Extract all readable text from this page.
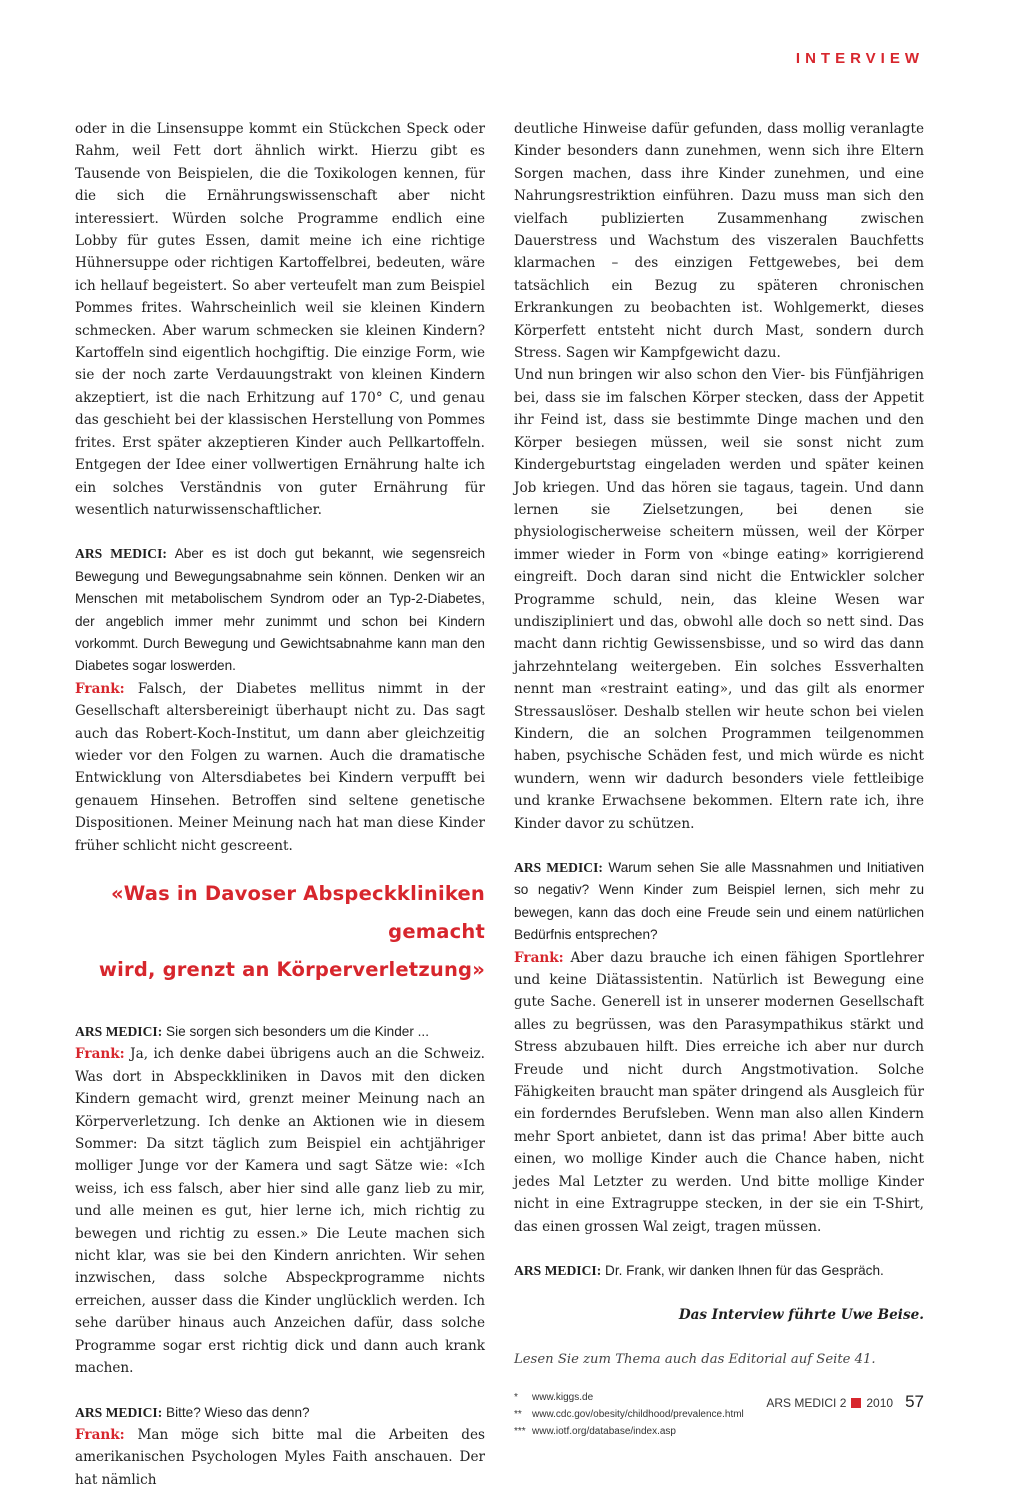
INTERVIEW

oder in die Linsensuppe kommt ein Stückchen Speck oder Rahm, weil Fett dort ähnlich wirkt. Hierzu gibt es Tausende von Beispielen, die die Toxikologen kennen, für die sich die Ernährungswissenschaft aber nicht interessiert. Würden solche Programme endlich eine Lobby für gutes Essen, damit meine ich eine richtige Hühnersuppe oder richtigen Kartoffelbrei, bedeuten, wäre ich hellauf begeistert. So aber verteufelt man zum Beispiel Pommes frites. Wahrscheinlich weil sie kleinen Kindern schmecken. Aber warum schmecken sie kleinen Kindern? Kartoffeln sind eigentlich hochgiftig. Die einzige Form, wie sie der noch zarte Verdauungstrakt von kleinen Kindern akzeptiert, ist die nach Erhitzung auf 170° C, und genau das geschieht bei der klassischen Herstellung von Pommes frites. Erst später akzeptieren Kinder auch Pellkartoffeln. Entgegen der Idee einer vollwertigen Ernährung halte ich ein solches Verständnis von guter Ernährung für wesentlich naturwissenschaftlicher.

ARS MEDICI: Aber es ist doch gut bekannt, wie segensreich Bewegung und Bewegungsabnahme sein können. Denken wir an Menschen mit metabolischem Syndrom oder an Typ-2-Diabetes, der angeblich immer mehr zunimmt und schon bei Kindern vorkommt. Durch Bewegung und Gewichtsabnahme kann man den Diabetes sogar loswerden.

Frank: Falsch, der Diabetes mellitus nimmt in der Gesellschaft altersbereinigt überhaupt nicht zu. Das sagt auch das Robert-Koch-Institut, um dann aber gleichzeitig wieder vor den Folgen zu warnen. Auch die dramatische Entwicklung von Altersdiabetes bei Kindern verpufft bei genauem Hinsehen. Betroffen sind seltene genetische Dispositionen. Meiner Meinung nach hat man diese Kinder früher schlicht nicht gescreent.

«Was in Davoser Abspeckkliniken gemacht
wird, grenzt an Körperverletzung»
ARS MEDICI: Sie sorgen sich besonders um die Kinder ...

Frank: Ja, ich denke dabei übrigens auch an die Schweiz. Was dort in Abspeckkliniken in Davos mit den dicken Kindern gemacht wird, grenzt meiner Meinung nach an Körperverletzung. Ich denke an Aktionen wie in diesem Sommer: Da sitzt täglich zum Beispiel ein achtjähriger molliger Junge vor der Kamera und sagt Sätze wie: «Ich weiss, ich ess falsch, aber hier sind alle ganz lieb zu mir, und alle meinen es gut, hier lerne ich, mich richtig zu bewegen und richtig zu essen.» Die Leute machen sich nicht klar, was sie bei den Kindern anrichten. Wir sehen inzwischen, dass solche Abspeckprogramme nichts erreichen, ausser dass die Kinder unglücklich werden. Ich sehe darüber hinaus auch Anzeichen dafür, dass solche Programme sogar erst richtig dick und dann auch krank machen.

ARS MEDICI: Bitte? Wieso das denn?

Frank: Man möge sich bitte mal die Arbeiten des amerikanischen Psychologen Myles Faith anschauen. Der hat nämlich

deutliche Hinweise dafür gefunden, dass mollig veranlagte Kinder besonders dann zunehmen, wenn sich ihre Eltern Sorgen machen, dass ihre Kinder zunehmen, und eine Nahrungsrestriktion einführen. Dazu muss man sich den vielfach publizierten Zusammenhang zwischen Dauerstress und Wachstum des viszeralen Bauchfetts klarmachen – des einzigen Fettgewebes, bei dem tatsächlich ein Bezug zu späteren chronischen Erkrankungen zu beobachten ist. Wohlgemerkt, dieses Körperfett entsteht nicht durch Mast, sondern durch Stress. Sagen wir Kampfgewicht dazu.

Und nun bringen wir also schon den Vier- bis Fünfjährigen bei, dass sie im falschen Körper stecken, dass der Appetit ihr Feind ist, dass sie bestimmte Dinge machen und den Körper besiegen müssen, weil sie sonst nicht zum Kindergeburtstag eingeladen werden und später keinen Job kriegen. Und das hören sie tagaus, tagein. Und dann lernen sie Zielsetzungen, bei denen sie physiologischerweise scheitern müssen, weil der Körper immer wieder in Form von «binge eating» korrigierend eingreift. Doch daran sind nicht die Entwickler solcher Programme schuld, nein, das kleine Wesen war undiszipliniert und das, obwohl alle doch so nett sind. Das macht dann richtig Gewissensbisse, und so wird das dann jahrzehntelang weitergeben. Ein solches Essverhalten nennt man «restraint eating», und das gilt als enormer Stressauslöser. Deshalb stellen wir heute schon bei vielen Kindern, die an solchen Programmen teilgenommen haben, psychische Schäden fest, und mich würde es nicht wundern, wenn wir dadurch besonders viele fettleibige und kranke Erwachsene bekommen. Eltern rate ich, ihre Kinder davor zu schützen.

ARS MEDICI: Warum sehen Sie alle Massnahmen und Initiativen so negativ? Wenn Kinder zum Beispiel lernen, sich mehr zu bewegen, kann das doch eine Freude sein und einem natürlichen Bedürfnis entsprechen?

Frank: Aber dazu brauche ich einen fähigen Sportlehrer und keine Diätassistentin. Natürlich ist Bewegung eine gute Sache. Generell ist in unserer modernen Gesellschaft alles zu begrüssen, was den Parasympathikus stärkt und Stress abzubauen hilft. Dies erreiche ich aber nur durch Freude und nicht durch Angstmotivation. Solche Fähigkeiten braucht man später dringend als Ausgleich für ein forderndes Berufsleben. Wenn man also allen Kindern mehr Sport anbietet, dann ist das prima! Aber bitte auch einen, wo mollige Kinder auch die Chance haben, nicht jedes Mal Letzter zu werden. Und bitte mollige Kinder nicht in eine Extragruppe stecken, in der sie ein T-Shirt, das einen grossen Wal zeigt, tragen müssen.

ARS MEDICI: Dr. Frank, wir danken Ihnen für das Gespräch.
Das Interview führte Uwe Beise.
Lesen Sie zum Thema auch das Editorial auf Seite 41.
*	www.kiggs.de
**	www.cdc.gov/obesity/childhood/prevalence.html
*** www.iotf.org/database/index.asp
ARS MEDICI 2 2010 57
